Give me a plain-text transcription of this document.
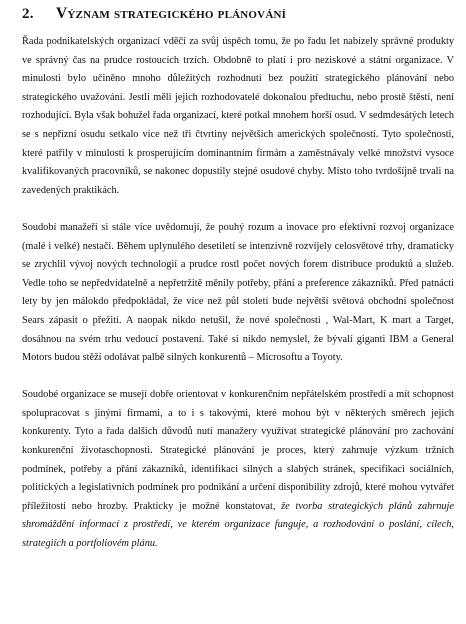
2.	Význam strategického plánování

Řada podnikatelských organizací vděčí za svůj úspěch tomu, že po řadu let nabízely správné produkty ve správný čas na prudce rostoucích trzích. Obdobně to platí i pro neziskové a státní organizace. V minulosti bylo učiněno mnoho důležitých rozhodnutí bez použití strategického plánování nebo strategického uvažování. Jestli měli jejich rozhodovatelé dokonalou předtuchu, nebo prostě štěstí, není rozhodující. Byla však bohužel řada organizací, které potkal mnohem horší osud. V sedmdesátých letech se s nepřízní osudu setkalo více než tři čtvrtiny největších amerických společností. Tyto společnosti, které patřily v minulosti k prosperujícím dominantním firmám a zaměstnávaly velké množství vysoce kvalifikovaných pracovníků, se nakonec dopustily stejné osudové chyby. Místo toho tvrdošíjně trvali na zavedených praktikách.

Soudobí manažeři si stále více uvědomují, že pouhý rozum a inovace pro efektivní rozvoj organizace (malé i velké) nestačí. Během uplynulého desetiletí se intenzivně rozvíjely celosvětové trhy, dramaticky se zrychlil vývoj nových technologií a prudce rostl počet nových forem distribuce produktů a služeb. Vedle toho se nepředvídatelně a nepřetržitě měnily potřeby, přání a preference zákazníků. Před patnácti lety by jen málokdo předpokládal, že více než půl století bude největší světová obchodní společnost Sears zápasit o přežití. A naopak nikdo netušil, že nové společnosti , Wal-Mart, K mart a Target, dosáhnou na svém trhu vedoucí postavení. Také si nikdo nemyslel, že bývalí giganti IBM a General Motors budou stěží odolávat palbě silných konkurentů – Microsoftu a Toyoty.

Soudobé organizace se musejí dobře orientovat v konkurenčním nepřátelském prostředí a mít schopnost spolupracovat s jinými firmami, a to i s takovými, které mohou být v některých směrech jejich konkurenty. Tyto a řada dalších důvodů nutí manažery využívat strategické plánování pro zachování konkurenční životaschopnosti. Strategické plánování je proces, který zahrnuje výzkum tržních podmínek, potřeby a přání zákazníků, identifikaci silných a slabých stránek, specifikaci sociálních, politických a legislativních podmínek pro podnikání a určení disponibility zdrojů, které mohou vytvářet příležitosti nebo hrozby. Prakticky je možné konstatovat, že tvorba strategických plánů zahrnuje shromáždění informací z prostředí, ve kterém organizace funguje, a rozhodování o poslání, cílech, strategiích a portfoliovém plánu.
